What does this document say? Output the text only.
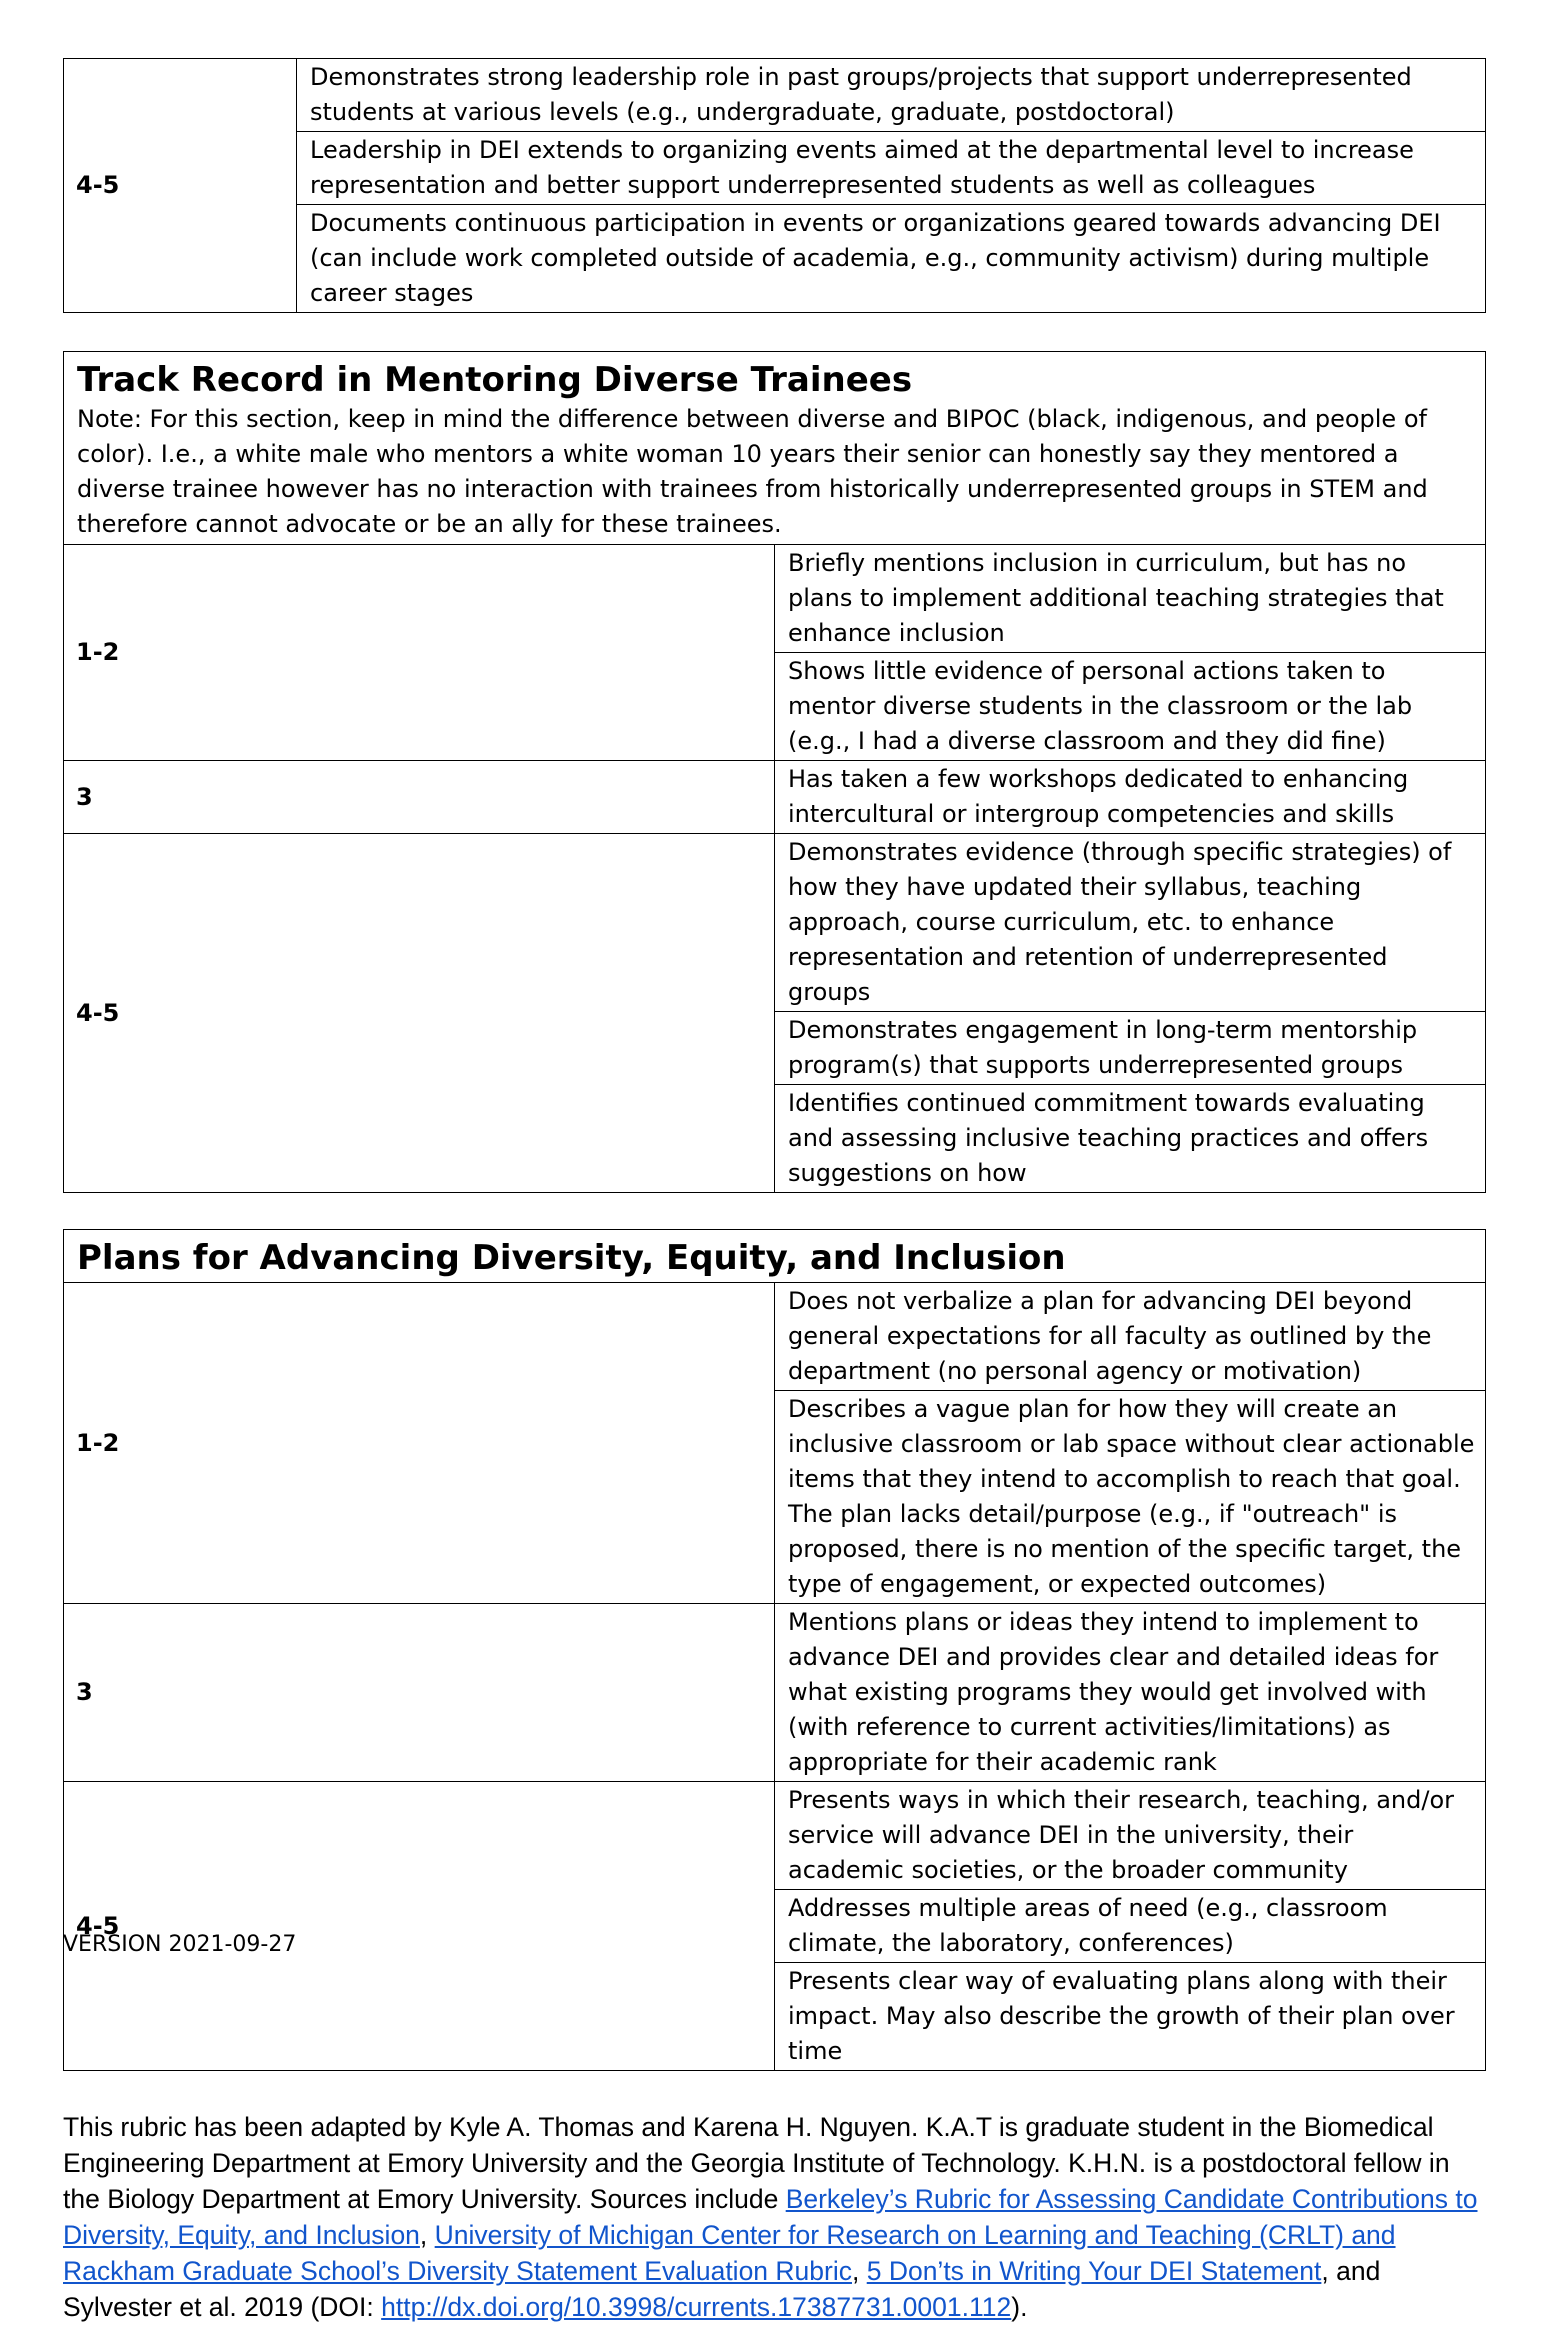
4-5	Demonstrates strong leadership role in past groups/projects that support underrepresented students at various levels (e.g., undergraduate, graduate, postdoctoral)
Leadership in DEI extends to organizing events aimed at the departmental level to increase representation and better support underrepresented students as well as colleagues
Documents continuous participation in events or organizations geared towards advancing DEI (can include work completed outside of academia, e.g., community activism) during multiple career stages
Track Record in Mentoring Diverse Trainees
Note: For this section, keep in mind the difference between diverse and BIPOC (black, indigenous, and people of color). I.e., a white male who mentors a white woman 10 years their senior can honestly say they mentored a diverse trainee however has no interaction with trainees from historically underrepresented groups in STEM and therefore cannot advocate or be an ally for these trainees.	

1-2	Briefly mentions inclusion in curriculum, but has no plans to implement additional teaching strategies that enhance inclusion
	Shows little evidence of personal actions taken to mentor diverse students in the classroom or the lab (e.g., I had a diverse classroom and they did fine)
3	Has taken a few workshops dedicated to enhancing intercultural or intergroup competencies and skills
4-5	Demonstrates evidence (through specific strategies) of how they have updated their syllabus, teaching approach, course curriculum, etc. to enhance representation and retention of underrepresented groups
	Demonstrates engagement in long-term mentorship program(s) that supports underrepresented groups
	Identifies continued commitment towards evaluating and assessing inclusive teaching practices and offers suggestions on how
Plans for Advancing Diversity, Equity, and Inclusion	

1-2	Does not verbalize a plan for advancing DEI beyond general expectations for all faculty as outlined by the department (no personal agency or motivation)
	Describes a vague plan for how they will create an inclusive classroom or lab space without clear actionable items that they intend to accomplish to reach that goal. The plan lacks detail/purpose (e.g., if "outreach" is proposed, there is no mention of the specific target, the type of engagement, or expected outcomes)
3	Mentions plans or ideas they intend to implement to advance DEI and provides clear and detailed ideas for what existing programs they would get involved with (with reference to current activities/limitations) as appropriate for their academic rank
4-5	Presents ways in which their research, teaching, and/or service will advance DEI in the university, their academic societies, or the broader community
	Addresses multiple areas of need (e.g., classroom climate, the laboratory, conferences)
	Presents clear way of evaluating plans along with their impact. May also describe the growth of their plan over time

This rubric has been adapted by Kyle A. Thomas and Karena H. Nguyen. K.A.T is graduate student in the Biomedical Engineering Department at Emory University and the Georgia Institute of Technology. K.H.N. is a postdoctoral fellow in the Biology Department at Emory University. Sources include Berkeley’s Rubric for Assessing Candidate Contributions to Diversity, Equity, and Inclusion, University of Michigan Center for Research on Learning and Teaching (CRLT) and Rackham Graduate School’s Diversity Statement Evaluation Rubric, 5 Don’ts in Writing Your DEI Statement, and Sylvester et al. 2019 (DOI: http://dx.doi.org/10.3998/currents.17387731.0001.112).

VERSION 2021-09-27
